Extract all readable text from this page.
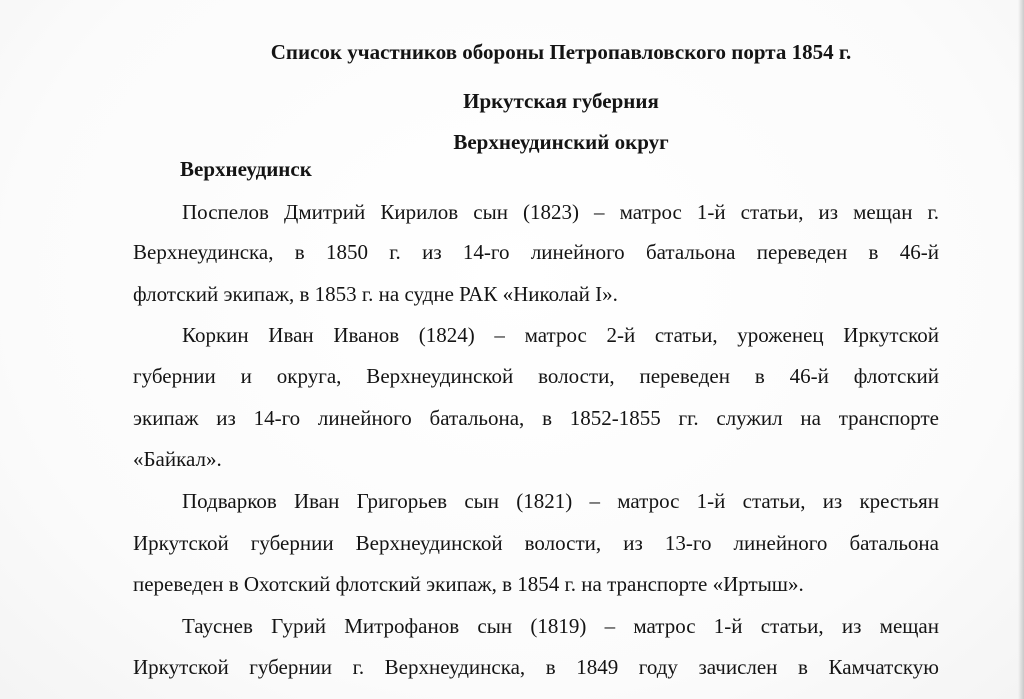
Список участников обороны Петропавловского порта 1854 г.
Иркутская губерния
Верхнеудинский округ
Верхнеудинск
Поспелов Дмитрий Кирилов сын (1823) – матрос 1-й статьи, из мещан г.
Верхнеудинска, в 1850 г. из 14-го линейного батальона переведен в 46-й
флотский экипаж, в 1853 г. на судне РАК «Николай I».
Коркин Иван Иванов (1824) – матрос 2-й статьи, уроженец Иркутской
губернии и округа, Верхнеудинской волости, переведен в 46-й флотский
экипаж из 14-го линейного батальона, в 1852-1855 гг. служил на транспорте
«Байкал».
Подварков Иван Григорьев сын (1821) – матрос 1-й статьи, из крестьян
Иркутской губернии Верхнеудинской волости, из 13-го линейного батальона
переведен в Охотский флотский экипаж, в 1854 г. на транспорте «Иртыш».
Тауснев Гурий Митрофанов сын (1819) – матрос 1-й статьи, из мещан
Иркутской губернии г. Верхнеудинска, в 1849 году зачислен в Камчатскую
